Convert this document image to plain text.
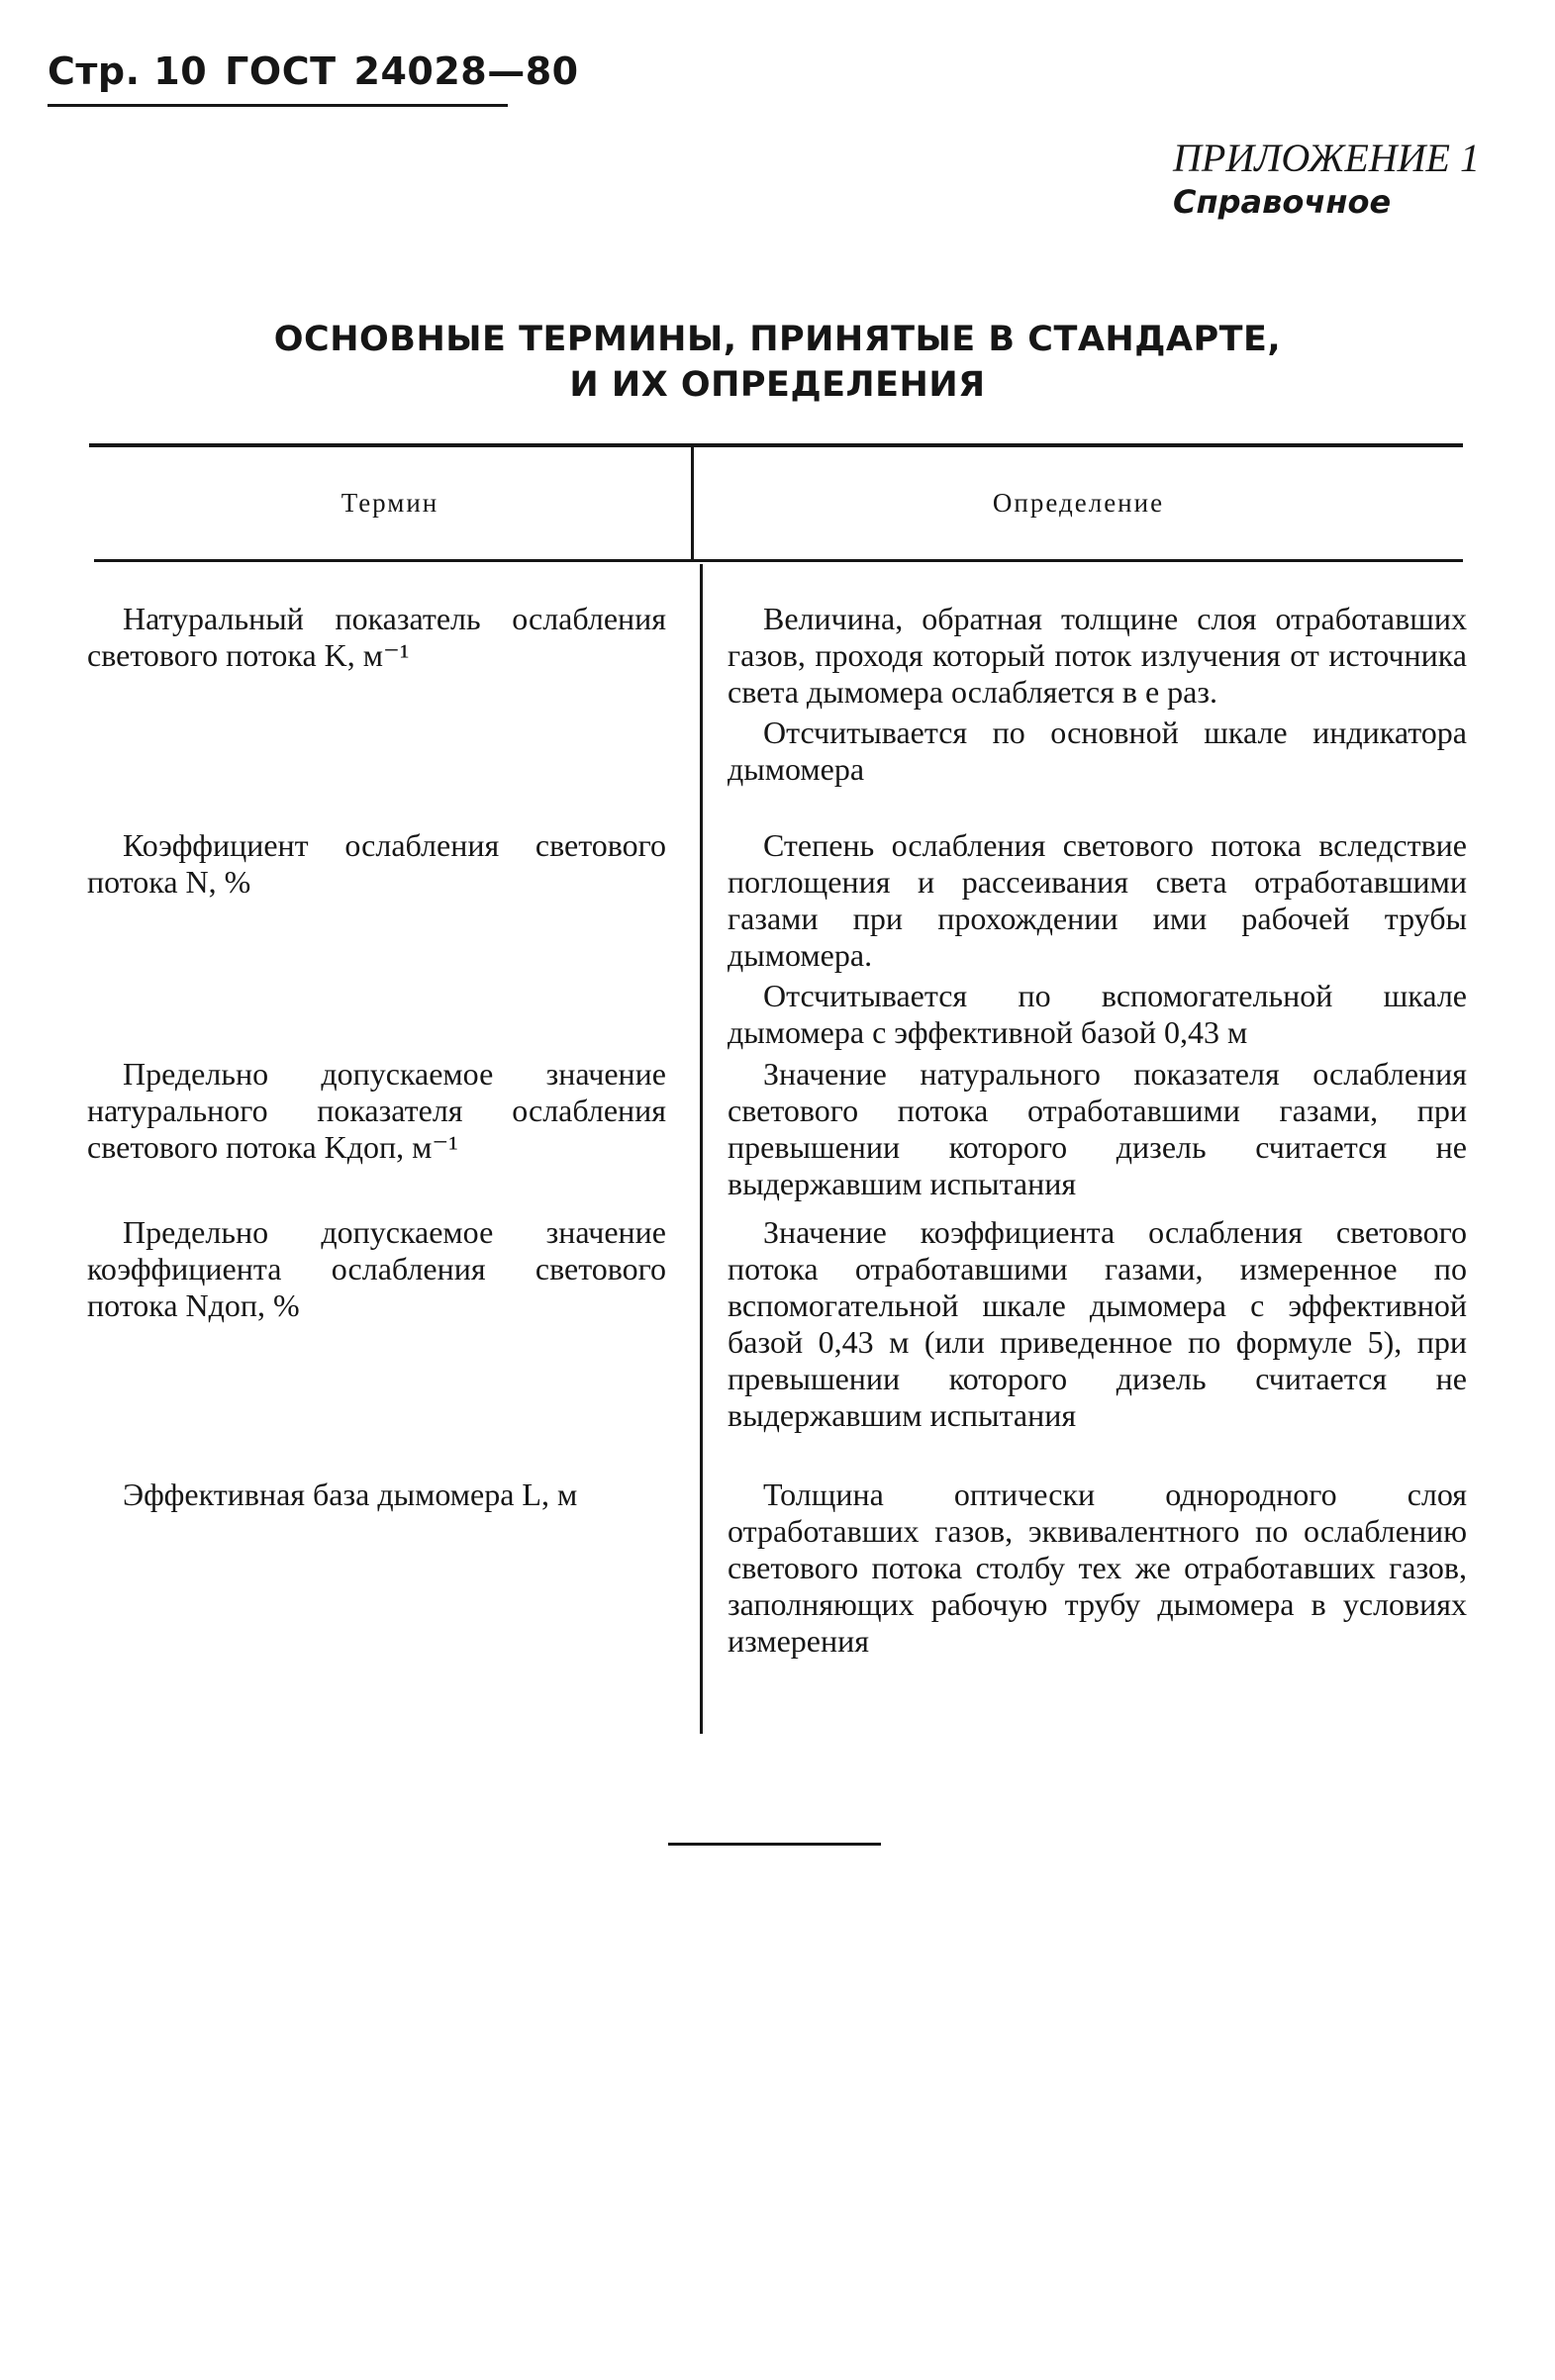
Стр. 10 ГОСТ 24028—80
ПРИЛОЖЕНИЕ 1
Справочное
ОСНОВНЫЕ ТЕРМИНЫ, ПРИНЯТЫЕ В СТАНДАРТЕ,
И ИХ ОПРЕДЕЛЕНИЯ
Термин	Определение

Натуральный показатель ослабления светового потока K, м⁻¹

Величина, обратная толщине слоя отработавших газов, проходя который поток излучения от источника света дымомера ослабляется в e раз.

Отсчитывается по основной шкале индикатора дымомера

Коэффициент ослабления светового потока N, %

Степень ослабления светового потока вследствие поглощения и рассеивания света отработавшими газами при прохождении ими рабочей трубы дымомера.

Отсчитывается по вспомогательной шкале дымомера с эффективной базой 0,43 м

Предельно допускаемое значение натурального показателя ослабления светового потока Kдоп, м⁻¹

Значение натурального показателя ослабления светового потока отработавшими газами, при превышении которого дизель считается не выдержавшим испытания

Предельно допускаемое значение коэффициента ослабления светового потока Nдоп, %

Значение коэффициента ослабления светового потока отработавшими газами, измеренное по вспомогательной шкале дымомера с эффективной базой 0,43 м (или приведенное по формуле 5), при превышении которого дизель считается не выдержавшим испытания

Эффективная база дымомера L, м	Толщина оптически однородного слоя отработавших газов, эквивалентного по ослаблению светового потока столбу тех же отработавших газов, заполняющих рабочую трубу дымомера в условиях измерения
